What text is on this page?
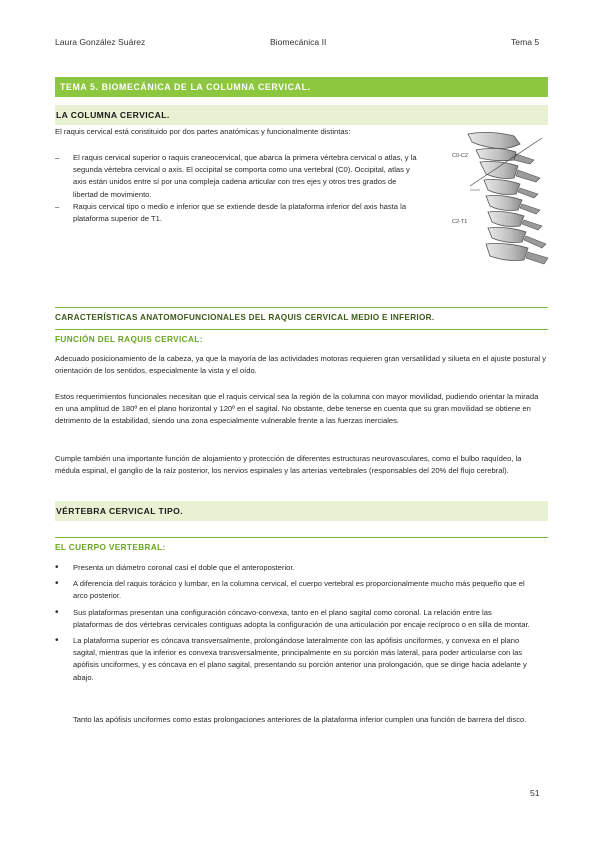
Laura González Suárez	Biomecánica II	Tema 5
TEMA 5. BIOMECÁNICA DE LA COLUMNA CERVICAL.
LA COLUMNA CERVICAL.

El raquis cervical está constituido por dos partes anatómicas y funcionalmente distintas:

– El raquis cervical superior o raquis craneocervical, que abarca la primera vértebra cervical o atlas, y la segunda vértebra cervical o axis. El occipital se comporta como una vertebral (C0). Occipital, atlas y axis están unidos entre sí por una compleja cadena articular con tres ejes y otros tres grados de libertad de movimiento.
– Raquis cervical tipo o medio e inferior que se extiende desde la plataforma inferior del axis hasta la plataforma superior de T1.
C0-C2
C2-T1
CARACTERÍSTICAS ANATOMOFUNCIONALES DEL RAQUIS CERVICAL MEDIO E INFERIOR.
FUNCIÓN DEL RAQUIS CERVICAL:

Adecuado posicionamiento de la cabeza, ya que la mayoría de las actividades motoras requieren gran versatilidad y silueta en el ajuste postural y orientación de los sentidos, especialmente la vista y el oído.

Estos requerimientos funcionales necesitan que el raquis cervical sea la región de la columna con mayor movilidad, pudiendo orientar la mirada en una amplitud de 180º en el plano horizontal y 120º en el sagital. No obstante, debe tenerse en cuenta que su gran movilidad se obtiene en detrimento de la estabilidad, siendo una zona especialmente vulnerable frente a las fuerzas inerciales.

Cumple también una importante función de alojamiento y protección de diferentes estructuras neurovasculares, como el bulbo raquídeo, la médula espinal, el ganglio de la raíz posterior, los nervios espinales y las arterias vertebrales (responsables del 20% del flujo cerebral).

VÉRTEBRA CERVICAL TIPO.
EL CUERPO VERTEBRAL:
• Presenta un diámetro coronal casi el doble que el anteroposterior.
• A diferencia del raquis torácico y lumbar, en la columna cervical, el cuerpo vertebral es proporcionalmente mucho más pequeño que el arco posterior.
• Sus plataformas presentan una configuración cóncavo-convexa, tanto en el plano sagital como coronal. La relación entre las plataformas de dos vértebras cervicales contiguas adopta la configuración de una articulación por encaje recíproco o en silla de montar.
• La plataforma superior es cóncava transversalmente, prolongándose lateralmente con las apófisis unciformes, y convexa en el plano sagital, mientras que la inferior es convexa transversalmente, principalmente en su porción más lateral, para poder articularse con las apófisis unciformes, y es cóncava en el plano sagital, presentando su porción anterior una prolongación, que se dirige hacia adelante y abajo.

Tanto las apófisis unciformes como estas prolongaciones anteriores de la plataforma inferior cumplen una función de barrera del disco.

51
